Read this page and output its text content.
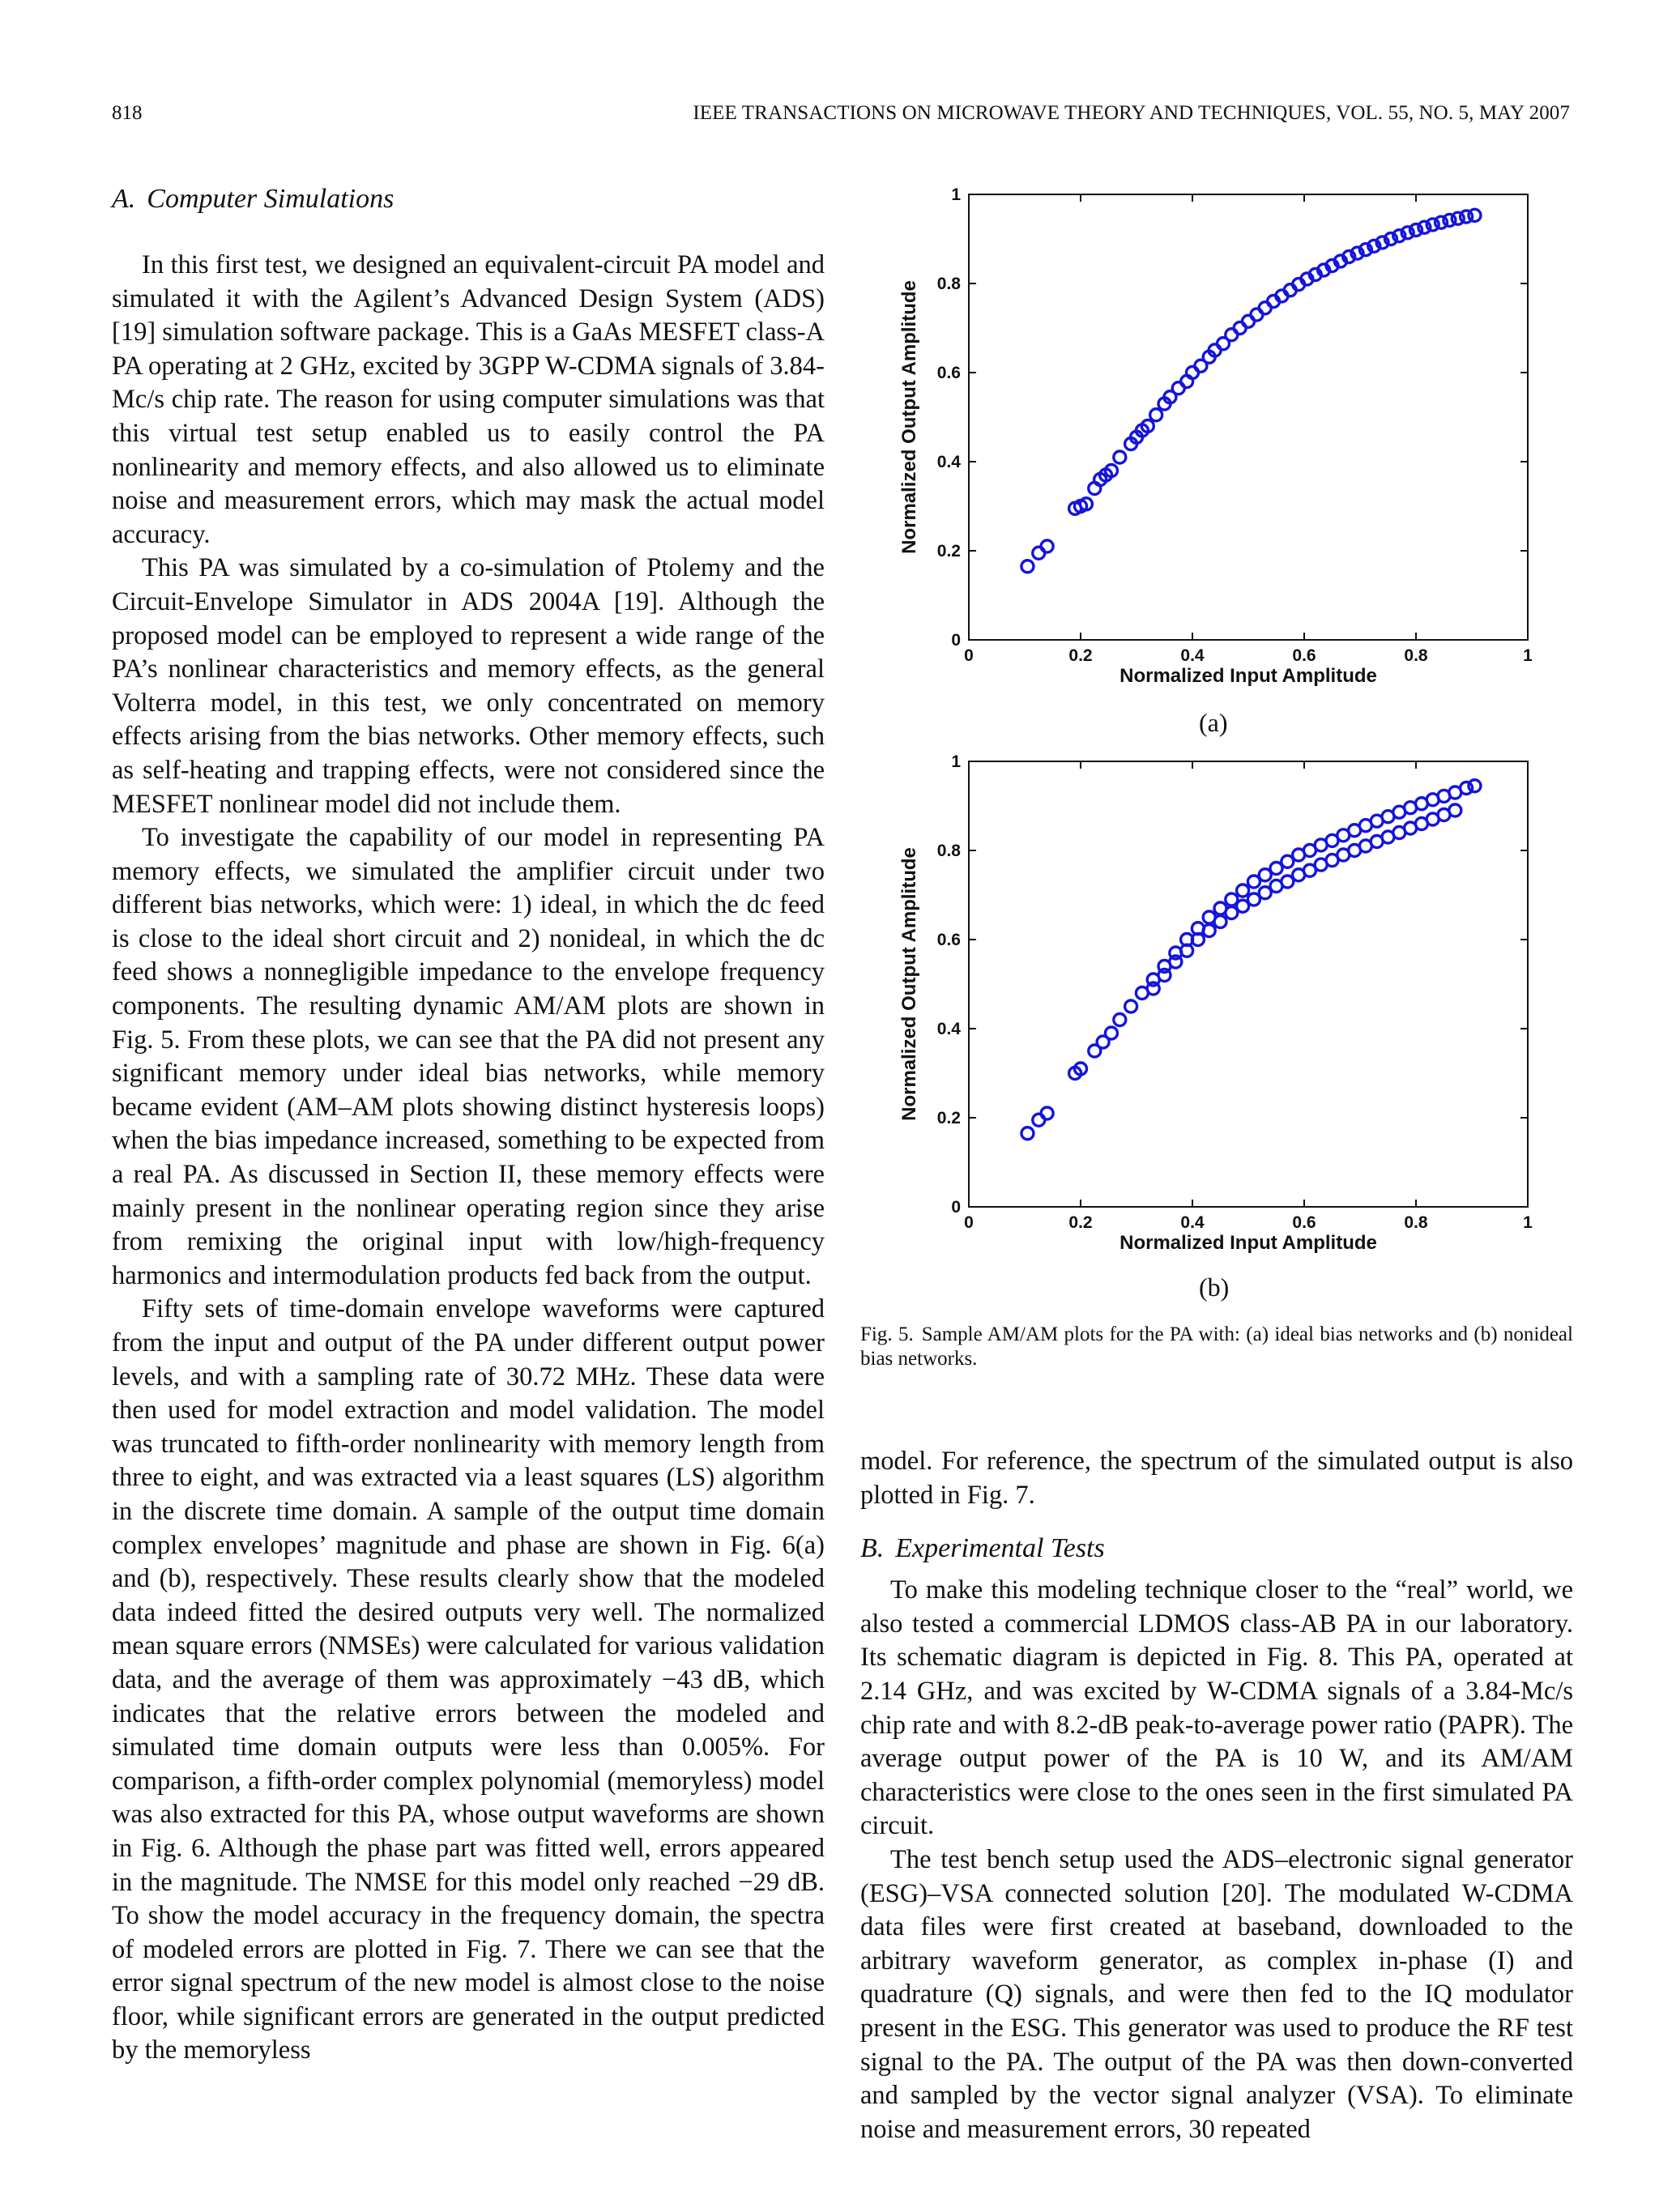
818	IEEE TRANSACTIONS ON MICROWAVE THEORY AND TECHNIQUES, VOL. 55, NO. 5, MAY 2007
A. Computer Simulations

In this first test, we designed an equivalent-circuit PA model and simulated it with the Agilent’s Advanced Design System (ADS) [19] simulation software package. This is a GaAs MESFET class-A PA operating at 2 GHz, excited by 3GPP W-CDMA signals of 3.84-Mc/s chip rate. The reason for using computer simulations was that this virtual test setup enabled us to easily control the PA nonlinearity and memory effects, and also allowed us to eliminate noise and measurement errors, which may mask the actual model accuracy.

This PA was simulated by a co-simulation of Ptolemy and the Circuit-Envelope Simulator in ADS 2004A [19]. Although the proposed model can be employed to represent a wide range of the PA’s nonlinear characteristics and memory effects, as the general Volterra model, in this test, we only concentrated on memory effects arising from the bias networks. Other memory effects, such as self-heating and trapping effects, were not considered since the MESFET nonlinear model did not include them.

To investigate the capability of our model in representing PA memory effects, we simulated the amplifier circuit under two different bias networks, which were: 1) ideal, in which the dc feed is close to the ideal short circuit and 2) nonideal, in which the dc feed shows a nonnegligible impedance to the envelope frequency components. The resulting dynamic AM/AM plots are shown in Fig. 5. From these plots, we can see that the PA did not present any significant memory under ideal bias networks, while memory became evident (AM–AM plots showing distinct hysteresis loops) when the bias impedance increased, something to be expected from a real PA. As discussed in Section II, these memory effects were mainly present in the nonlinear operating region since they arise from remixing the original input with low/high-frequency harmonics and intermodulation products fed back from the output.

Fifty sets of time-domain envelope waveforms were captured from the input and output of the PA under different output power levels, and with a sampling rate of 30.72 MHz. These data were then used for model extraction and model validation. The model was truncated to fifth-order nonlinearity with memory length from three to eight, and was extracted via a least squares (LS) algorithm in the discrete time domain. A sample of the output time domain complex envelopes’ magnitude and phase are shown in Fig. 6(a) and (b), respectively. These results clearly show that the modeled data indeed fitted the desired outputs very well. The normalized mean square errors (NMSEs) were calculated for various validation data, and the average of them was approximately −43 dB, which indicates that the relative errors between the modeled and simulated time domain outputs were less than 0.005%. For comparison, a fifth-order complex polynomial (memoryless) model was also extracted for this PA, whose output waveforms are shown in Fig. 6. Although the phase part was fitted well, errors appeared in the magnitude. The NMSE for this model only reached −29 dB. To show the model accuracy in the frequency domain, the spectra of modeled errors are plotted in Fig. 7. There we can see that the error signal spectrum of the new model is almost close to the noise floor, while significant errors are generated in the output predicted by the memoryless

0	0.2	0.4	0.6	0.8	1
0
0.2
0.4
0.6
0.8
1
Normalized Input Amplitude
Normalized Output Amplitude
(a)
0	0.2	0.4	0.6	0.8	1
0
0.2
0.4
0.6
0.8
1
Normalized Input Amplitude
Normalized Output Amplitude
(b)
Fig. 5. Sample AM/AM plots for the PA with: (a) ideal bias networks and (b) nonideal bias networks.

model. For reference, the spectrum of the simulated output is also plotted in Fig. 7.

B. Experimental Tests

To make this modeling technique closer to the “real” world, we also tested a commercial LDMOS class-AB PA in our laboratory. Its schematic diagram is depicted in Fig. 8. This PA, operated at 2.14 GHz, and was excited by W-CDMA signals of a 3.84-Mc/s chip rate and with 8.2-dB peak-to-average power ratio (PAPR). The average output power of the PA is 10 W, and its AM/AM characteristics were close to the ones seen in the first simulated PA circuit.

The test bench setup used the ADS–electronic signal generator (ESG)–VSA connected solution [20]. The modulated W-CDMA data files were first created at baseband, downloaded to the arbitrary waveform generator, as complex in-phase (I) and quadrature (Q) signals, and were then fed to the IQ modulator present in the ESG. This generator was used to produce the RF test signal to the PA. The output of the PA was then down-converted and sampled by the vector signal analyzer (VSA). To eliminate noise and measurement errors, 30 repeated
